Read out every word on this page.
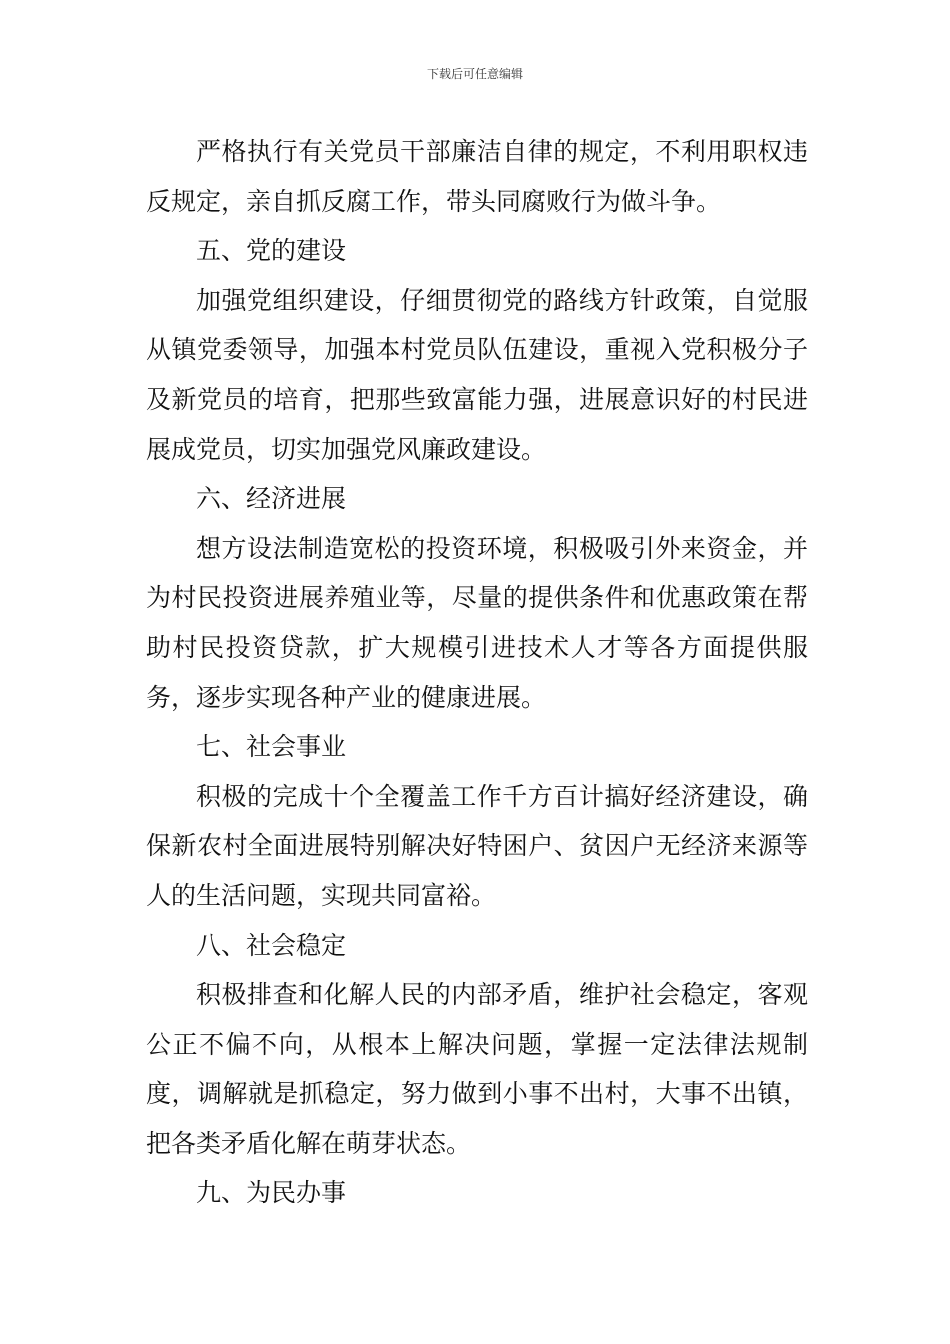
下载后可任意编辑

严格执行有关党员干部廉洁自律的规定，不利用职权违反规定，亲自抓反腐工作，带头同腐败行为做斗争。

五、党的建设

加强党组织建设，仔细贯彻党的路线方针政策，自觉服从镇党委领导，加强本村党员队伍建设，重视入党积极分子及新党员的培育，把那些致富能力强，进展意识好的村民进展成党员，切实加强党风廉政建设。

六、经济进展

想方设法制造宽松的投资环境，积极吸引外来资金，并为村民投资进展养殖业等，尽量的提供条件和优惠政策在帮助村民投资贷款，扩大规模引进技术人才等各方面提供服务，逐步实现各种产业的健康进展。

七、社会事业

积极的完成十个全覆盖工作千方百计搞好经济建设，确保新农村全面进展特别解决好特困户、贫因户无经济来源等人的生活问题，实现共同富裕。

八、社会稳定

积极排查和化解人民的内部矛盾，维护社会稳定，客观公正不偏不向，从根本上解决问题，掌握一定法律法规制度，调解就是抓稳定，努力做到小事不出村，大事不出镇，把各类矛盾化解在萌芽状态。

九、为民办事
